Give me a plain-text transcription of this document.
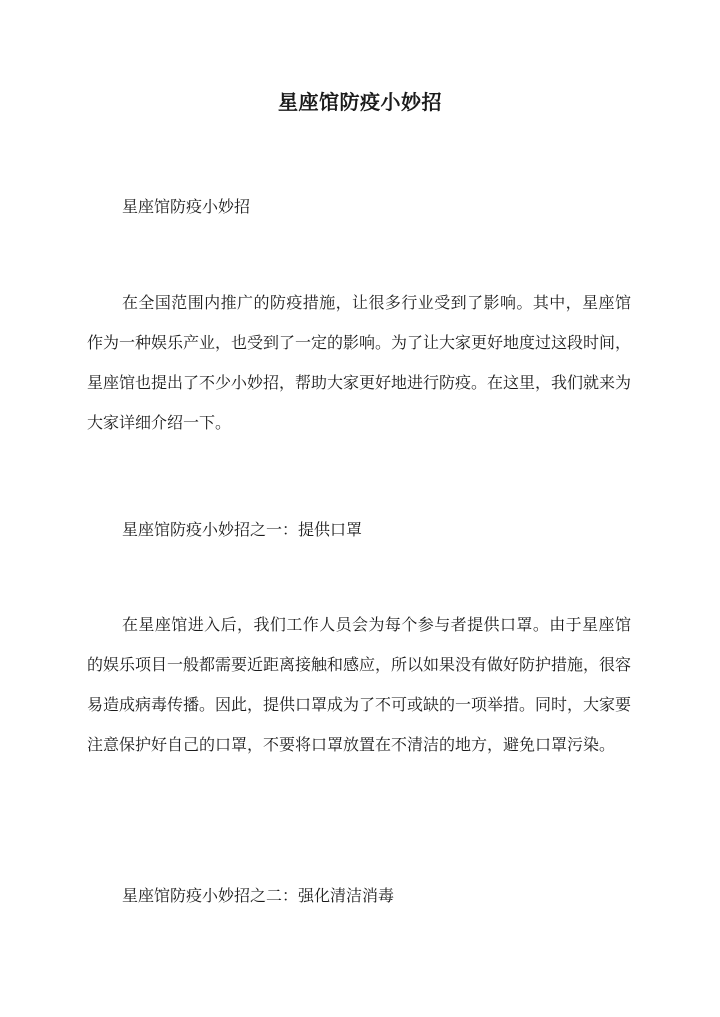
星座馆防疫小妙招

星座馆防疫小妙招

在全国范围内推广的防疫措施，让很多行业受到了影响。其中，星座馆作为一种娱乐产业，也受到了一定的影响。为了让大家更好地度过这段时间，星座馆也提出了不少小妙招，帮助大家更好地进行防疫。在这里，我们就来为大家详细介绍一下。

星座馆防疫小妙招之一：提供口罩

在星座馆进入后，我们工作人员会为每个参与者提供口罩。由于星座馆的娱乐项目一般都需要近距离接触和感应，所以如果没有做好防护措施，很容易造成病毒传播。因此，提供口罩成为了不可或缺的一项举措。同时，大家要注意保护好自己的口罩，不要将口罩放置在不清洁的地方，避免口罩污染。

星座馆防疫小妙招之二：强化清洁消毒
